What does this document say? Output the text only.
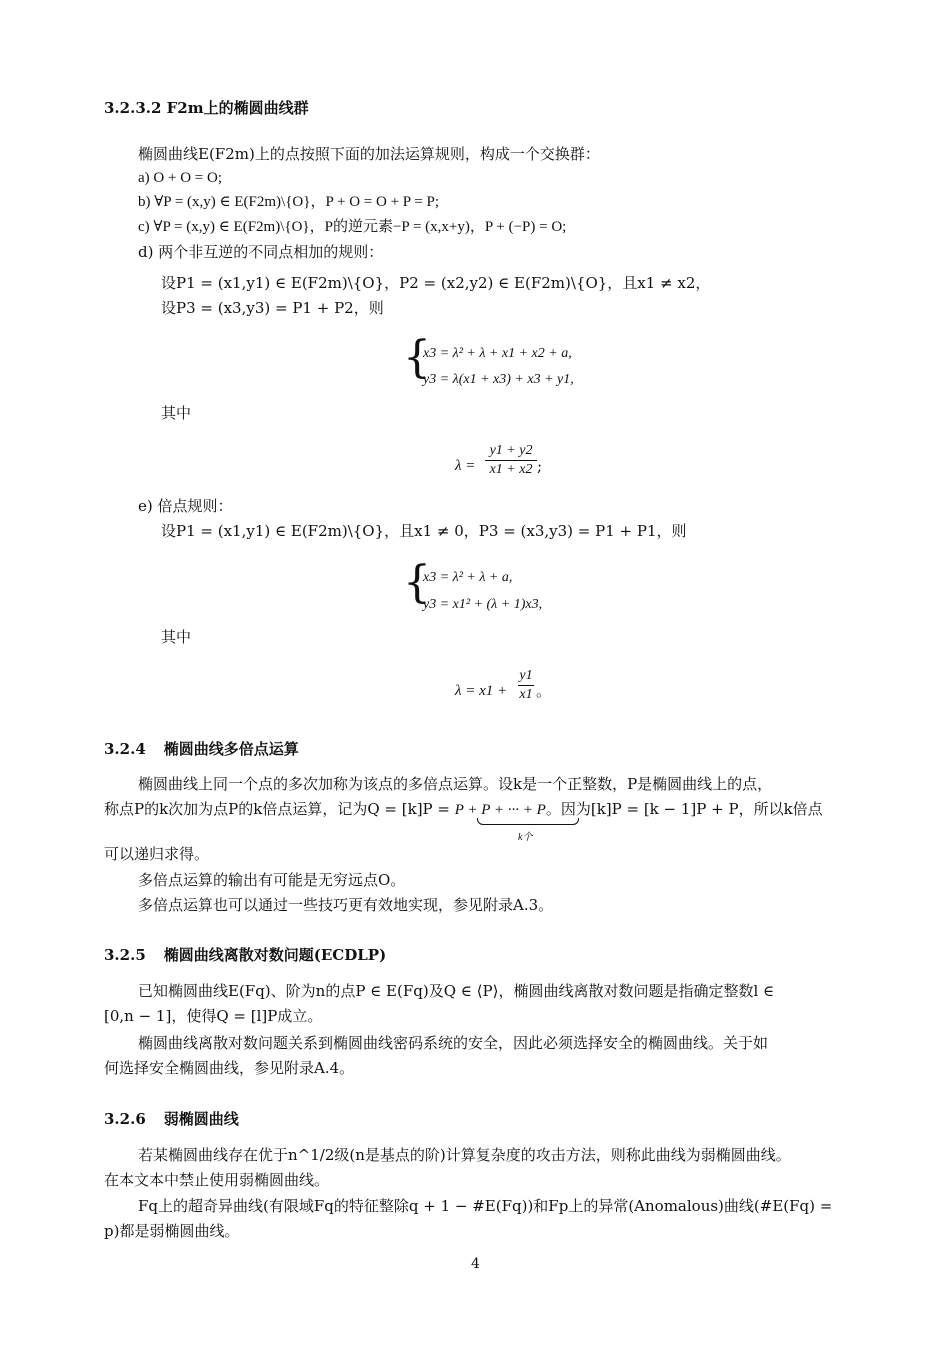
3.2.3.2 F2m上的椭圆曲线群
椭圆曲线E(F2m)上的点按照下面的加法运算规则，构成一个交换群：
a) O + O = O;
b) ∀P = (x,y) ∈ E(F2m)\{O}，P + O = O + P = P;
c) ∀P = (x,y) ∈ E(F2m)\{O}，P的逆元素−P = (x,x+y)，P + (−P) = O;
d) 两个非互逆的不同点相加的规则：
设P1 = (x1,y1) ∈ E(F2m)\{O}，P2 = (x2,y2) ∈ E(F2m)\{O}，且x1 ≠ x2，
设P3 = (x3,y3) = P1 + P2，则
{
x3 = λ² + λ + x1 + x2 + a,
y3 = λ(x1 + x3) + x3 + y1,
其中
λ =
y1 + y2
x1 + x2 ;
e) 倍点规则：
设P1 = (x1,y1) ∈ E(F2m)\{O}，且x1 ≠ 0，P3 = (x3,y3) = P1 + P1，则
{
x3 = λ² + λ + a,
y3 = x1² + (λ + 1)x3,
其中
λ = x1 +
y1
x1 。
3.2.4 椭圆曲线多倍点运算
椭圆曲线上同一个点的多次加称为该点的多倍点运算。设k是一个正整数，P是椭圆曲线上的点，
称点P的k次加为点P的k倍点运算，记为Q = [k]P = P + P + ··· + P。因为[k]P = [k − 1]P + P，所以k倍点
k个
可以递归求得。
多倍点运算的输出有可能是无穷远点O。
多倍点运算也可以通过一些技巧更有效地实现，参见附录A.3。
3.2.5 椭圆曲线离散对数问题(ECDLP)
已知椭圆曲线E(Fq)、阶为n的点P ∈ E(Fq)及Q ∈ ⟨P⟩，椭圆曲线离散对数问题是指确定整数l ∈
[0,n − 1]，使得Q = [l]P成立。
椭圆曲线离散对数问题关系到椭圆曲线密码系统的安全，因此必须选择安全的椭圆曲线。关于如
何选择安全椭圆曲线，参见附录A.4。
3.2.6 弱椭圆曲线
若某椭圆曲线存在优于n^1/2级(n是基点的阶)计算复杂度的攻击方法，则称此曲线为弱椭圆曲线。
在本文本中禁止使用弱椭圆曲线。
Fq上的超奇异曲线(有限域Fq的特征整除q + 1 − #E(Fq))和Fp上的异常(Anomalous)曲线(#E(Fq) =
p)都是弱椭圆曲线。
4
